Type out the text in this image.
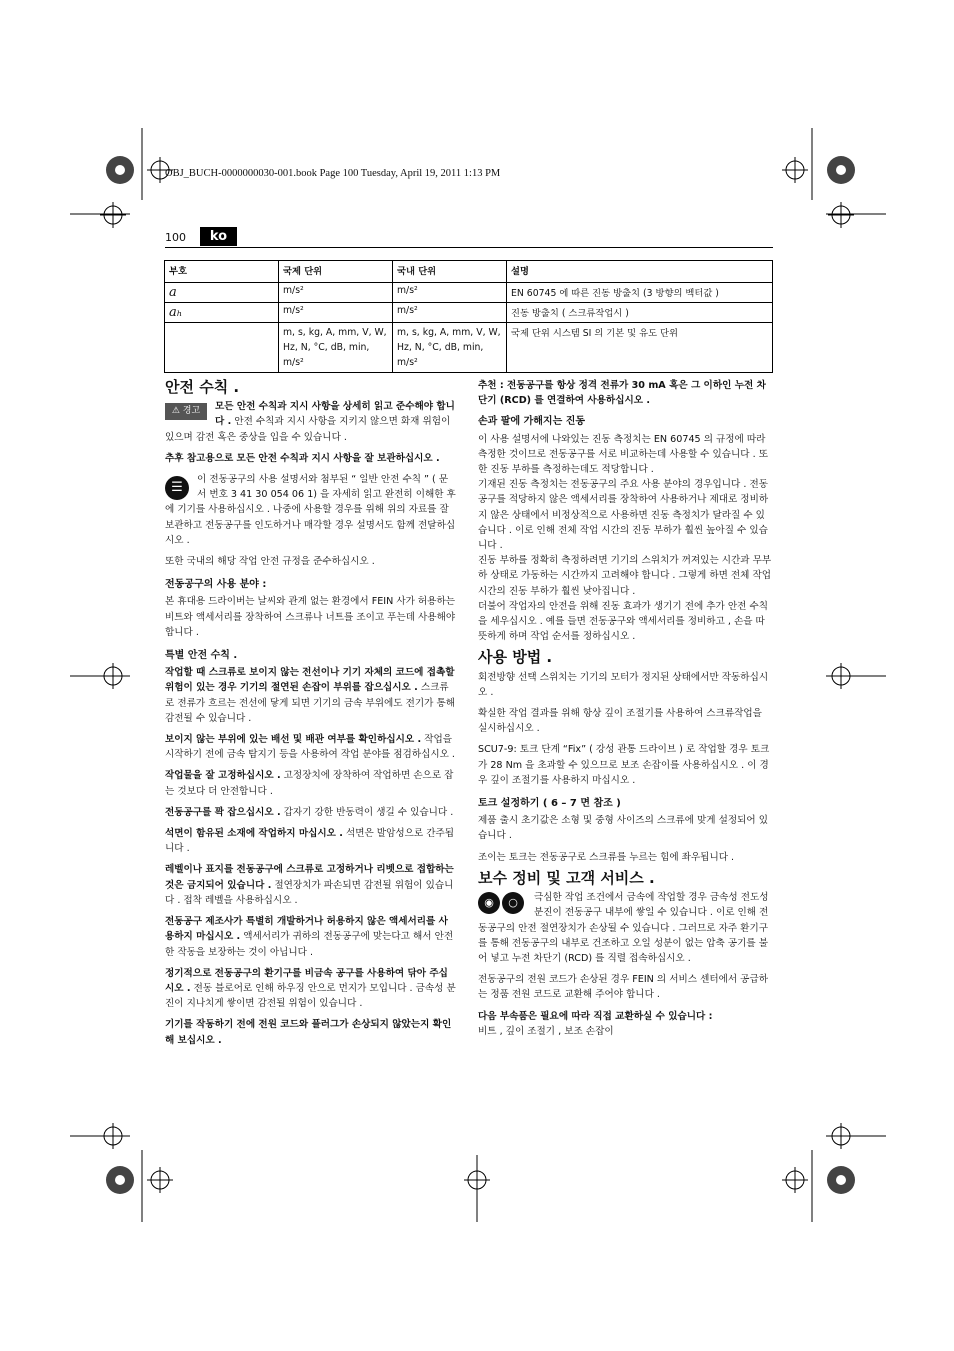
OBJ_BUCH-0000000030-001.book Page 100 Tuesday, April 19, 2011 1:13 PM
100	ko
부호	국제 단위	국내 단위	설명
a	m/s²	m/s²	EN 60745 에 따른 진동 방출치 (3 방향의 벡터값 )
aₕ	m/s²	m/s²	진동 방출치 ( 스크류작업시 )
	m, s, kg, A, mm, V, W, Hz, N, °C, dB, min, m/s²	m, s, kg, A, mm, V, W, Hz, N, °C, dB, min, m/s²	국제 단위 시스템 SI 의 기본 및 유도 단위
안전 수칙 .

⚠ 경고	모든 안전 수칙과 지시 사항을 상세히 읽고 준수해야 합니다 . 안전 수칙과 지시 사항을 지키지 않으면 화재 위험이 있으며 감전 혹은 중상을 입을 수 있습니다 .

추후 참고용으로 모든 안전 수칙과 지시 사항을 잘 보관하십시오 .

☰
이 전동공구의 사용 설명서와 첨부된 “ 일반 안전 수칙 ” ( 문서 번호 3 41 30 054 06 1) 을 자세히 읽고 완전히 이해한 후에 기기를 사용하십시오 . 나중에 사용할 경우를 위해 위의 자료를 잘 보관하고 전동공구를 인도하거나 매각할 경우 설명서도 함께 전달하십시오 .

또한 국내의 해당 작업 안전 규정을 준수하십시오 .

전동공구의 사용 분야 :

본 휴대용 드라이버는 날씨와 관계 없는 환경에서 FEIN 사가 허용하는 비트와 액세서리를 장착하여 스크류나 너트를 조이고 푸는데 사용해야 합니다 .

특별 안전 수칙 .

작업할 때 스크류로 보이지 않는 전선이나 기기 자체의 코드에 접촉할 위험이 있는 경우 기기의 절연된 손잡이 부위를 잡으십시오 . 스크류로 전류가 흐르는 전선에 닿게 되면 기기의 금속 부위에도 전기가 통해 감전될 수 있습니다 .

보이지 않는 부위에 있는 배선 및 배관 여부를 확인하십시오 . 작업을 시작하기 전에 금속 탐지기 등을 사용하여 작업 분야를 점검하십시오 .

작업물을 잘 고정하십시오 . 고정장치에 장착하여 작업하면 손으로 잡는 것보다 더 안전합니다 .

전동공구를 꽉 잡으십시오 . 갑자기 강한 반동력이 생길 수 있습니다 .

석면이 함유된 소재에 작업하지 마십시오 . 석면은 발암성으로 간주됩니다 .

레벨이나 표지를 전동공구에 스크류로 고정하거나 리벳으로 접합하는 것은 금지되어 있습니다 . 절연장치가 파손되면 감전될 위험이 있습니다 . 접착 레벨을 사용하십시오 .

전동공구 제조사가 특별히 개발하거나 허용하지 않은 액세서리를 사용하지 마십시오 . 액세서리가 귀하의 전동공구에 맞는다고 해서 안전한 작동을 보장하는 것이 아닙니다 .

정기적으로 전동공구의 환기구를 비금속 공구를 사용하여 닦아 주십시오 . 전동 블로어로 인해 하우징 안으로 먼지가 모입니다 . 금속성 분진이 지나치게 쌓이면 감전될 위험이 있습니다 .

기기를 작동하기 전에 전원 코드와 플러그가 손상되지 않았는지 확인해 보십시오 .

추천 : 전동공구를 항상 정격 전류가 30 mA 혹은 그 이하인 누전 차단기 (RCD) 를 연결하여 사용하십시오 .

손과 팔에 가해지는 진동

이 사용 설명서에 나와있는 진동 측정치는 EN 60745 의 규정에 따라 측정한 것이므로 전동공구를 서로 비교하는데 사용할 수 있습니다 . 또한 진동 부하를 측정하는데도 적당합니다 .

기재된 진동 측정치는 전동공구의 주요 사용 분야의 경우입니다 . 전동공구를 적당하지 않은 액세서리를 장착하여 사용하거나 제대로 정비하지 않은 상태에서 비정상적으로 사용하면 진동 측정치가 달라질 수 있습니다 . 이로 인해 전체 작업 시간의 진동 부하가 훨씬 높아질 수 있습니다 .

진동 부하를 정확히 측정하려면 기기의 스위치가 꺼져있는 시간과 무부하 상태로 가동하는 시간까지 고려해야 합니다 . 그렇게 하면 전체 작업 시간의 진동 부하가 훨씬 낮아집니다 .

더불어 작업자의 안전을 위해 진동 효과가 생기기 전에 추가 안전 수칙을 세우십시오 . 예를 들면 전동공구와 액세서리를 정비하고 , 손을 따뜻하게 하며 작업 순서를 정하십시오 .

사용 방법 .

회전방향 선택 스위치는 기기의 모터가 정지된 상태에서만 작동하십시오 .

확실한 작업 결과를 위해 항상 깊이 조절기를 사용하여 스크류작업을 실시하십시오 .

SCU7-9: 토크 단계 “Fix” ( 강성 관통 드라이브 ) 로 작업할 경우 토크가 28 Nm 을 초과할 수 있으므로 보조 손잡이를 사용하십시오 . 이 경우 깊이 조절기를 사용하지 마십시오 .

토크 설정하기 ( 6 – 7 면 참조 )

제품 출시 초기값은 소형 및 중형 사이즈의 스크류에 맞게 설정되어 있습니다 .

조이는 토크는 전동공구로 스크류를 누르는 힘에 좌우됩니다 .

보수 정비 및 고객 서비스 .

◉ ○	극심한 작업 조건에서 금속에 작업할 경우 금속성 전도성 분진이 전동공구 내부에 쌓일 수 있습니다 . 이로 인해 전동공구의 안전 절연장치가 손상될 수 있습니다 . 그러므로 자주 환기구를 통해 전동공구의 내부로 건조하고 오일 성분이 없는 압축 공기를 불어 넣고 누전 차단기 (RCD) 를 직렬 접속하십시오 .

전동공구의 전원 코드가 손상된 경우 FEIN 의 서비스 센터에서 공급하는 정품 전원 코드로 교환해 주어야 합니다 .

다음 부속품은 필요에 따라 직접 교환하실 수 있습니다 :

비트 , 깊이 조절기 , 보조 손잡이
